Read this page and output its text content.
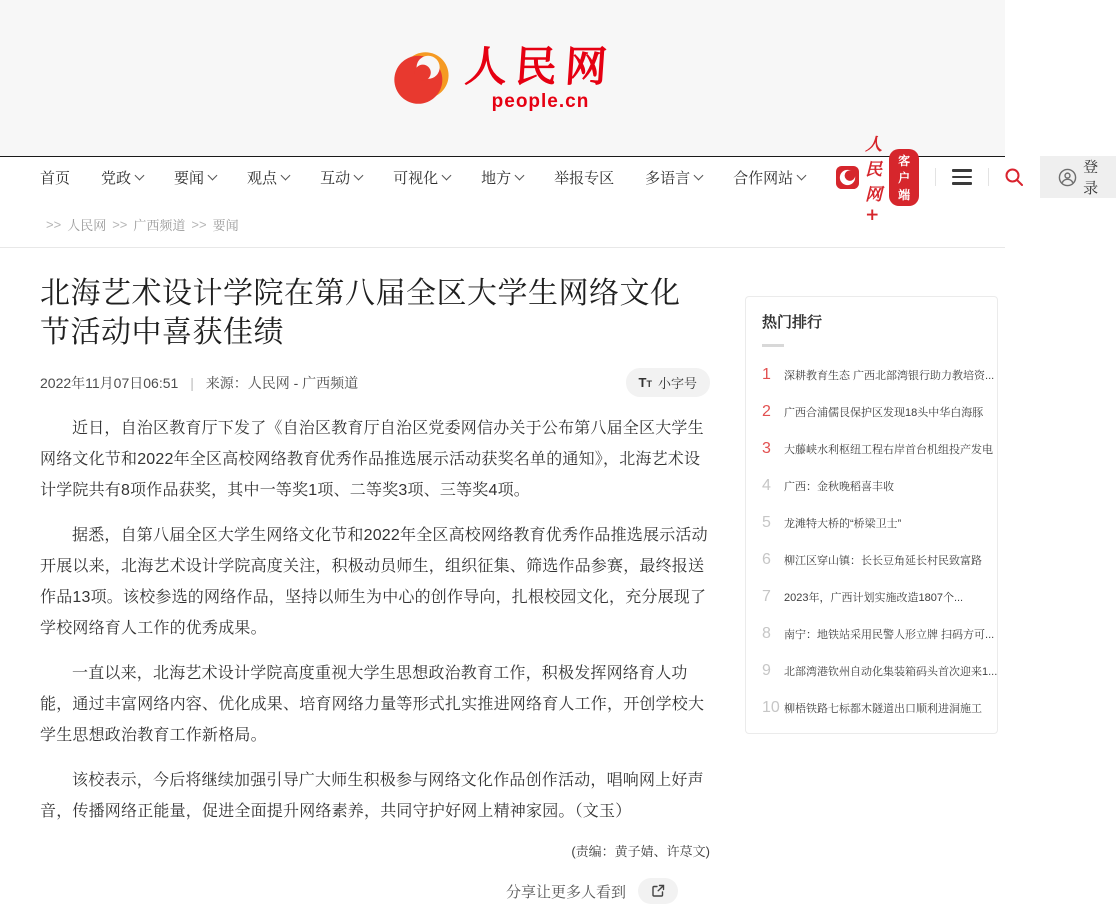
人民网
people.cn
首页 党政	要闻	观点	互动	可视化	地方	举报专区 多语言	合作网站
人民网+
客户端
登录
>> 人民网 >> 广西频道 >> 要闻
北海艺术设计学院在第八届全区大学生网络文化节活动中喜获佳绩
2022年11月07日06:51 | 来源：人民网 - 广西频道	T T 小字号

近日，自治区教育厅下发了《自治区教育厅自治区党委网信办关于公布第八届全区大学生网络文化节和2022年全区高校网络教育优秀作品推选展示活动获奖名单的通知》，北海艺术设计学院共有8项作品获奖，其中一等奖1项、二等奖3项、三等奖4项。

据悉，自第八届全区大学生网络文化节和2022年全区高校网络教育优秀作品推选展示活动开展以来，北海艺术设计学院高度关注，积极动员师生，组织征集、筛选作品参赛，最终报送作品13项。该校参选的网络作品，坚持以师生为中心的创作导向，扎根校园文化，充分展现了学校网络育人工作的优秀成果。

一直以来，北海艺术设计学院高度重视大学生思想政治教育工作，积极发挥网络育人功能，通过丰富网络内容、优化成果、培育网络力量等形式扎实推进网络育人工作，开创学校大学生思想政治教育工作新格局。

该校表示，今后将继续加强引导广大师生积极参与网络文化作品创作活动，唱响网上好声音，传播网络正能量，促进全面提升网络素养，共同守护好网上精神家园。（文玉）

(责编：黄子婧、许荩文)
分享让更多人看到
热门排行
1	深耕教育生态 广西北部湾银行助力教培资...
2	广西合浦儒艮保护区发现18头中华白海豚
3	大藤峡水利枢纽工程右岸首台机组投产发电
4	广西：金秋晚稻喜丰收
5	龙滩特大桥的“桥梁卫士”
6	柳江区穿山镇：长长豆角延长村民致富路
7	2023年，广西计划实施改造1807个...
8	南宁：地铁站采用民警人形立牌 扫码方可...
9	北部湾港钦州自动化集装箱码头首次迎来1...
10 柳梧铁路七标都木隧道出口顺利进洞施工
